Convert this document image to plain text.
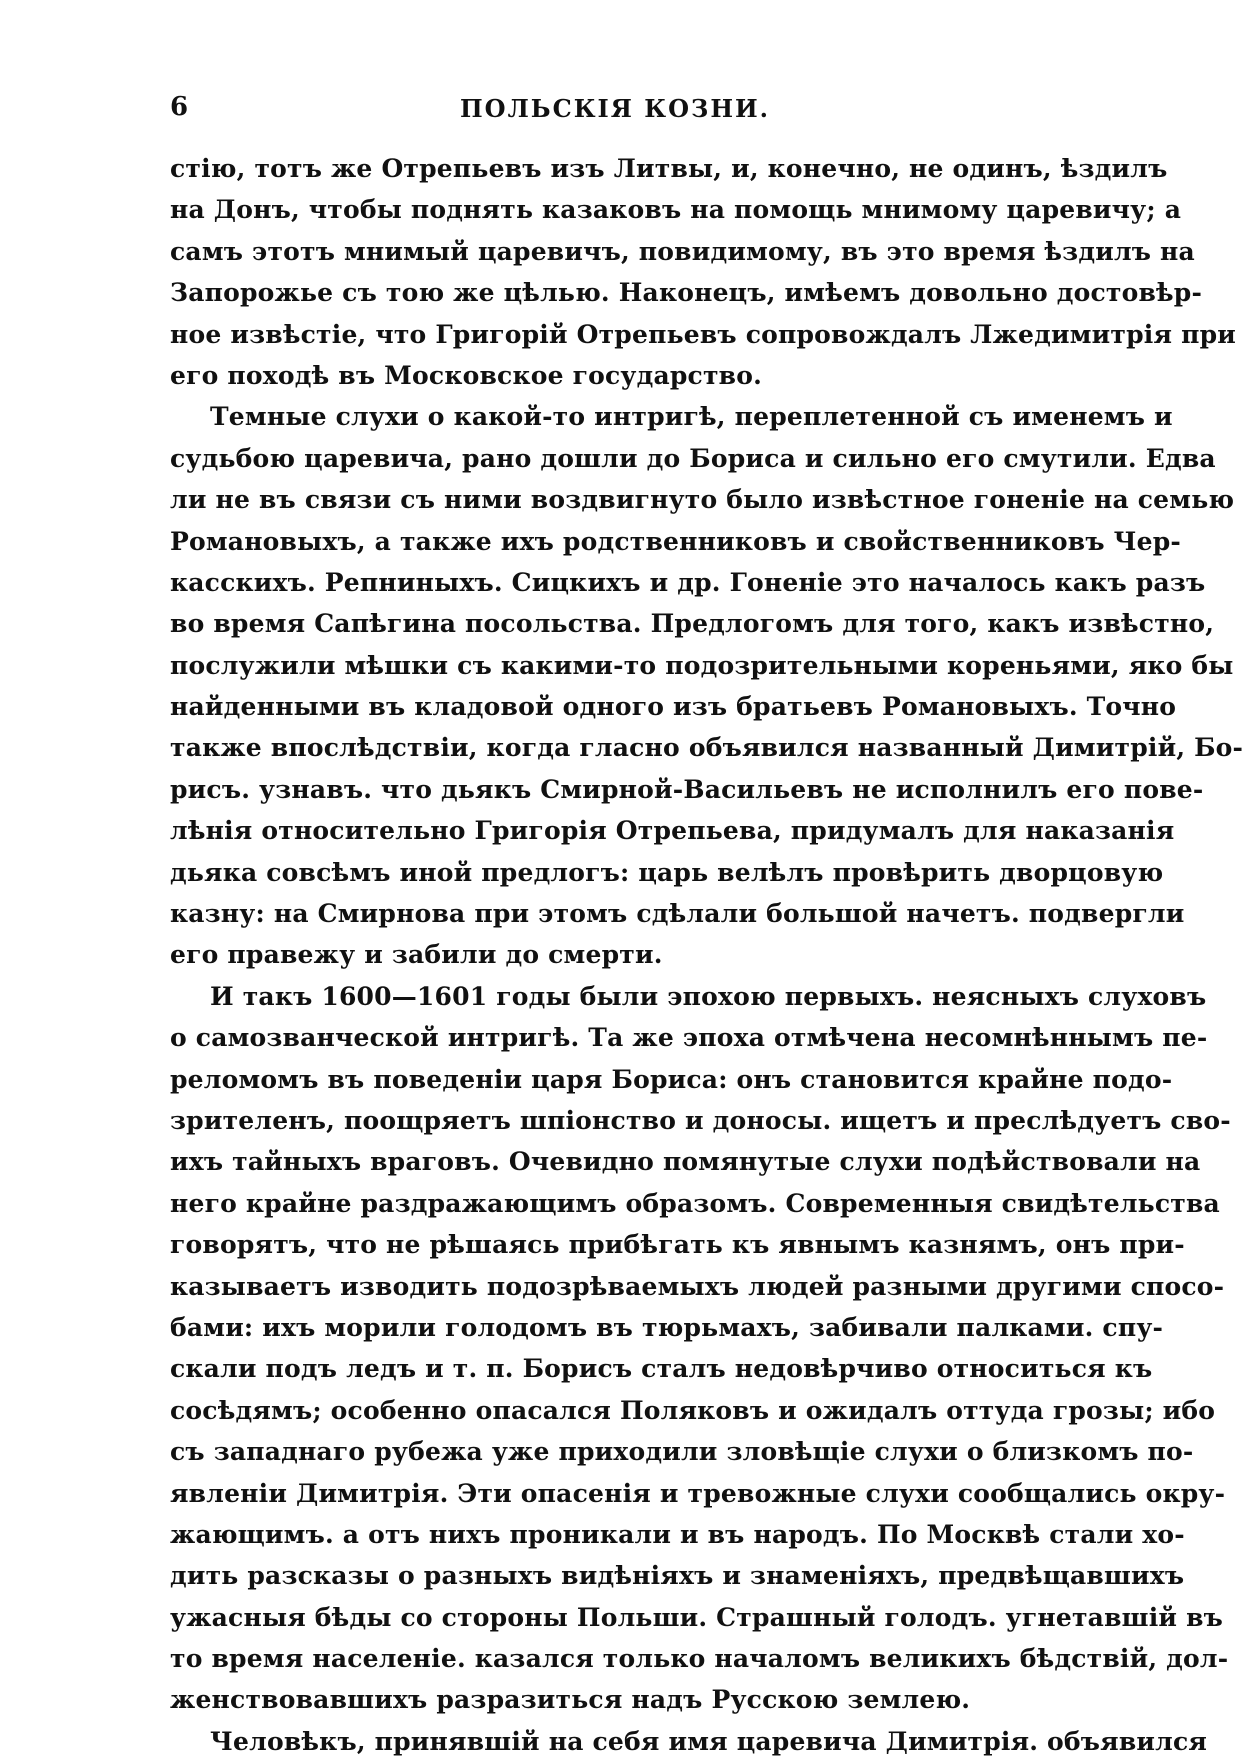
6	ПОЛЬСКІЯ КОЗНИ.
стію, тотъ же Отрепьевъ изъ Литвы, и, конечно, не одинъ, ѣздилъ
на Донъ, чтобы поднять казаковъ на помощь мнимому царевичу; а
самъ этотъ мнимый царевичъ, повидимому, въ это время ѣздилъ на
Запорожье съ тою же цѣлью. Наконецъ, имѣемъ довольно достовѣр-
ное извѣстіе, что Григорій Отрепьевъ сопровождалъ Лжедимитрія при
его походѣ въ Московское государство.
Темные слухи о какой-то интригѣ, переплетенной съ именемъ и
судьбою царевича, рано дошли до Бориса и сильно его смутили. Едва
ли не въ связи съ ними воздвигнуто было извѣстное гоненіе на семью
Романовыхъ, а также ихъ родственниковъ и свойственниковъ Чер-
касскихъ. Репниныхъ. Сицкихъ и др. Гоненіе это началось какъ разъ
во время Сапѣгина посольства. Предлогомъ для того, какъ извѣстно,
послужили мѣшки съ какими-то подозрительными кореньями, яко бы
найденными въ кладовой одного изъ братьевъ Романовыхъ. Точно
также впослѣдствіи, когда гласно объявился названный Димитрій, Бо-
рисъ. узнавъ. что дьякъ Смирной-Васильевъ не исполнилъ его пове-
лѣнія относительно Григорія Отрепьева, придумалъ для наказанія
дьяка совсѣмъ иной предлогъ: царь велѣлъ провѣрить дворцовую
казну: на Смирнова при этомъ сдѣлали большой начетъ. подвергли
его правежу и забили до смерти.
И такъ 1600—1601 годы были эпохою первыхъ. неясныхъ слуховъ
о самозванческой интригѣ. Та же эпоха отмѣчена несомнѣннымъ пе-
реломомъ въ поведеніи царя Бориса: онъ становится крайне подо-
зрителенъ, поощряетъ шпіонство и доносы. ищетъ и преслѣдуетъ сво-
ихъ тайныхъ враговъ. Очевидно помянутые слухи подѣйствовали на
него крайне раздражающимъ образомъ. Современныя свидѣтельства
говорятъ, что не рѣшаясь прибѣгать къ явнымъ казнямъ, онъ при-
казываетъ изводить подозрѣваемыхъ людей разными другими спосо-
бами: ихъ морили голодомъ въ тюрьмахъ, забивали палками. спу-
скали подъ ледъ и т. п. Борисъ сталъ недовѣрчиво относиться къ
сосѣдямъ; особенно опасался Поляковъ и ожидалъ оттуда грозы; ибо
съ западнаго рубежа уже приходили зловѣщіе слухи о близкомъ по-
явленіи Димитрія. Эти опасенія и тревожные слухи сообщались окру-
жающимъ. а отъ нихъ проникали и въ народъ. По Москвѣ стали хо-
дить разсказы о разныхъ видѣніяхъ и знаменіяхъ, предвѣщавшихъ
ужасныя бѣды со стороны Польши. Страшный голодъ. угнетавшій въ
то время населеніе. казался только началомъ великихъ бѣдствій, дол-
женствовавшихъ разразиться надъ Русскою землею.
Человѣкъ, принявшій на себя имя царевича Димитрія. объявился
